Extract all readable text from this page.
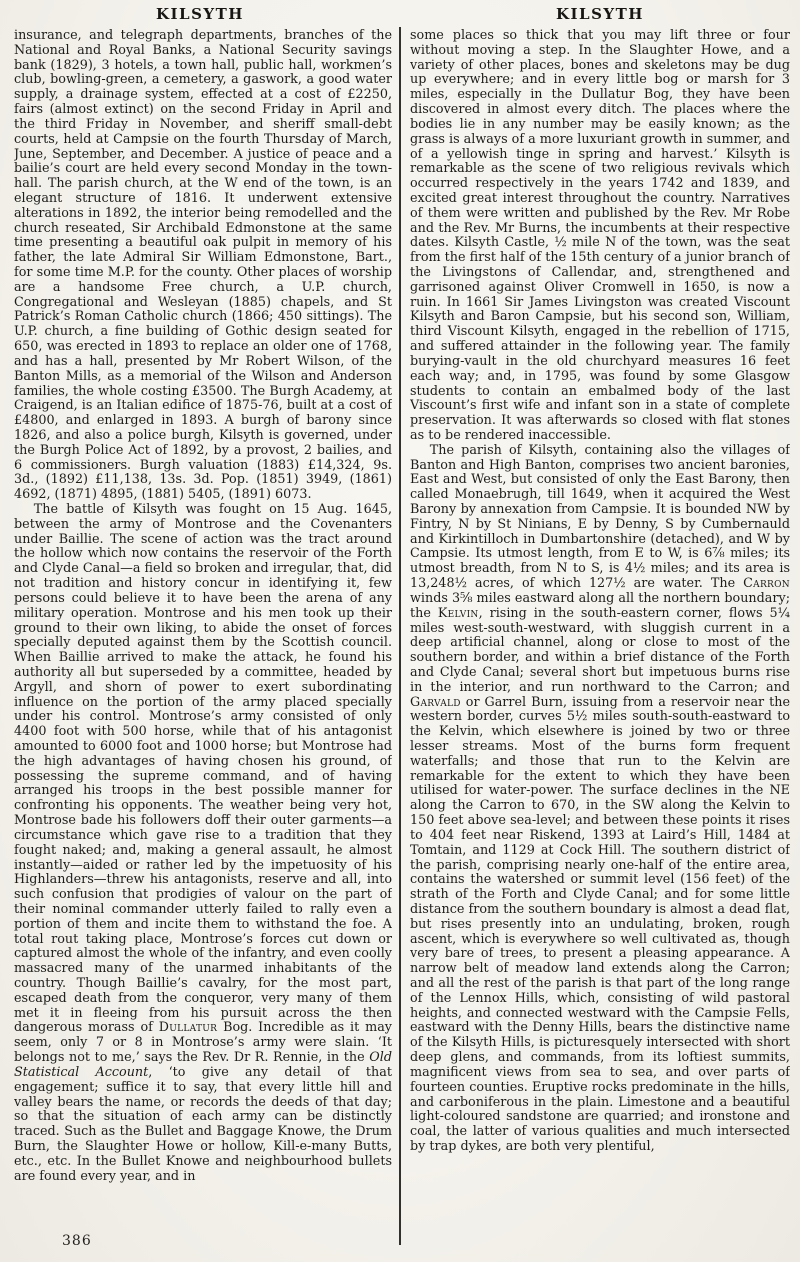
KILSYTH	KILSYTH

insurance, and telegraph departments, branches of the National and Royal Banks, a National Security savings bank (1829), 3 hotels, a town hall, public hall, workmen’s club, bowling-green, a cemetery, a gaswork, a good water supply, a drainage system, effected at a cost of £2250, fairs (almost extinct) on the second Friday in April and the third Friday in November, and sheriff small-debt courts, held at Campsie on the fourth Thursday of March, June, September, and December. A justice of peace and a bailie’s court are held every second Monday in the town-hall. The parish church, at the W end of the town, is an elegant structure of 1816. It underwent extensive alterations in 1892, the interior being remodelled and the church reseated, Sir Archibald Edmonstone at the same time presenting a beautiful oak pulpit in memory of his father, the late Admiral Sir William Edmonstone, Bart., for some time M.P. for the county. Other places of worship are a handsome Free church, a U.P. church, Congregational and Wesleyan (1885) chapels, and St Patrick’s Roman Catholic church (1866; 450 sittings). The U.P. church, a fine building of Gothic design seated for 650, was erected in 1893 to replace an older one of 1768, and has a hall, presented by Mr Robert Wilson, of the Banton Mills, as a memorial of the Wilson and Anderson families, the whole costing £3500. The Burgh Academy, at Craigend, is an Italian edifice of 1875-76, built at a cost of £4800, and enlarged in 1893. A burgh of barony since 1826, and also a police burgh, Kilsyth is governed, under the Burgh Police Act of 1892, by a provost, 2 bailies, and 6 commissioners. Burgh valuation (1883) £14,324, 9s. 3d., (1892) £11,138, 13s. 3d. Pop. (1851) 3949, (1861) 4692, (1871) 4895, (1881) 5405, (1891) 6073.

The battle of Kilsyth was fought on 15 Aug. 1645, between the army of Montrose and the Covenanters under Baillie. The scene of action was the tract around the hollow which now contains the reservoir of the Forth and Clyde Canal—a field so broken and irregular, that, did not tradition and history concur in identifying it, few persons could believe it to have been the arena of any military operation. Montrose and his men took up their ground to their own liking, to abide the onset of forces specially deputed against them by the Scottish council. When Baillie arrived to make the attack, he found his authority all but superseded by a committee, headed by Argyll, and shorn of power to exert subordinating influence on the portion of the army placed specially under his control. Montrose’s army consisted of only 4400 foot with 500 horse, while that of his antagonist amounted to 6000 foot and 1000 horse; but Montrose had the high advantages of having chosen his ground, of possessing the supreme command, and of having arranged his troops in the best possible manner for confronting his opponents. The weather being very hot, Montrose bade his followers doff their outer garments—a circumstance which gave rise to a tradition that they fought naked; and, making a general assault, he almost instantly—aided or rather led by the impetuosity of his Highlanders—threw his antagonists, reserve and all, into such confusion that prodigies of valour on the part of their nominal commander utterly failed to rally even a portion of them and incite them to withstand the foe. A total rout taking place, Montrose’s forces cut down or captured almost the whole of the infantry, and even coolly massacred many of the unarmed inhabitants of the country. Though Baillie’s cavalry, for the most part, escaped death from the conqueror, very many of them met it in fleeing from his pursuit across the then dangerous morass of Dullatur Bog. Incredible as it may seem, only 7 or 8 in Montrose’s army were slain. ‘It belongs not to me,’ says the Rev. Dr R. Rennie, in the Old Statistical Account, ‘to give any detail of that engagement; suffice it to say, that every little hill and valley bears the name, or records the deeds of that day; so that the situation of each army can be distinctly traced. Such as the Bullet and Baggage Knowe, the Drum Burn, the Slaughter Howe or hollow, Kill-e-many Butts, etc., etc. In the Bullet Knowe and neighbourhood bullets are found every year, and in

some places so thick that you may lift three or four without moving a step. In the Slaughter Howe, and a variety of other places, bones and skeletons may be dug up everywhere; and in every little bog or marsh for 3 miles, especially in the Dullatur Bog, they have been discovered in almost every ditch. The places where the bodies lie in any number may be easily known; as the grass is always of a more luxuriant growth in summer, and of a yellowish tinge in spring and harvest.’ Kilsyth is remarkable as the scene of two religious revivals which occurred respectively in the years 1742 and 1839, and excited great interest throughout the country. Narratives of them were written and published by the Rev. Mr Robe and the Rev. Mr Burns, the incumbents at their respective dates. Kilsyth Castle, ½ mile N of the town, was the seat from the first half of the 15th century of a junior branch of the Livingstons of Callendar, and, strengthened and garrisoned against Oliver Cromwell in 1650, is now a ruin. In 1661 Sir James Livingston was created Viscount Kilsyth and Baron Campsie, but his second son, William, third Viscount Kilsyth, engaged in the rebellion of 1715, and suffered attainder in the following year. The family burying-vault in the old churchyard measures 16 feet each way; and, in 1795, was found by some Glasgow students to contain an embalmed body of the last Viscount’s first wife and infant son in a state of complete preservation. It was afterwards so closed with flat stones as to be rendered inaccessible.

The parish of Kilsyth, containing also the villages of Banton and High Banton, comprises two ancient baronies, East and West, but consisted of only the East Barony, then called Monaebrugh, till 1649, when it acquired the West Barony by annexation from Campsie. It is bounded NW by Fintry, N by St Ninians, E by Denny, S by Cumbernauld and Kirkintilloch in Dumbartonshire (detached), and W by Campsie. Its utmost length, from E to W, is 6⅞ miles; its utmost breadth, from N to S, is 4½ miles; and its area is 13,248½ acres, of which 127½ are water. The Carron winds 3⅝ miles eastward along all the northern boundary; the Kelvin, rising in the south-eastern corner, flows 5¼ miles west-south-westward, with sluggish current in a deep artificial channel, along or close to most of the southern border, and within a brief distance of the Forth and Clyde Canal; several short but impetuous burns rise in the interior, and run northward to the Carron; and Garvald or Garrel Burn, issuing from a reservoir near the western border, curves 5½ miles south-south-eastward to the Kelvin, which elsewhere is joined by two or three lesser streams. Most of the burns form frequent waterfalls; and those that run to the Kelvin are remarkable for the extent to which they have been utilised for water-power. The surface declines in the NE along the Carron to 670, in the SW along the Kelvin to 150 feet above sea-level; and between these points it rises to 404 feet near Riskend, 1393 at Laird’s Hill, 1484 at Tomtain, and 1129 at Cock Hill. The southern district of the parish, comprising nearly one-half of the entire area, contains the watershed or summit level (156 feet) of the strath of the Forth and Clyde Canal; and for some little distance from the southern boundary is almost a dead flat, but rises presently into an undulating, broken, rough ascent, which is everywhere so well cultivated as, though very bare of trees, to present a pleasing appearance. A narrow belt of meadow land extends along the Carron; and all the rest of the parish is that part of the long range of the Lennox Hills, which, consisting of wild pastoral heights, and connected westward with the Campsie Fells, eastward with the Denny Hills, bears the distinctive name of the Kilsyth Hills, is picturesquely intersected with short deep glens, and commands, from its loftiest summits, magnificent views from sea to sea, and over parts of fourteen counties. Eruptive rocks predominate in the hills, and carboniferous in the plain. Limestone and a beautiful light-coloured sandstone are quarried; and ironstone and coal, the latter of various qualities and much intersected by trap dykes, are both very plentiful,

386
